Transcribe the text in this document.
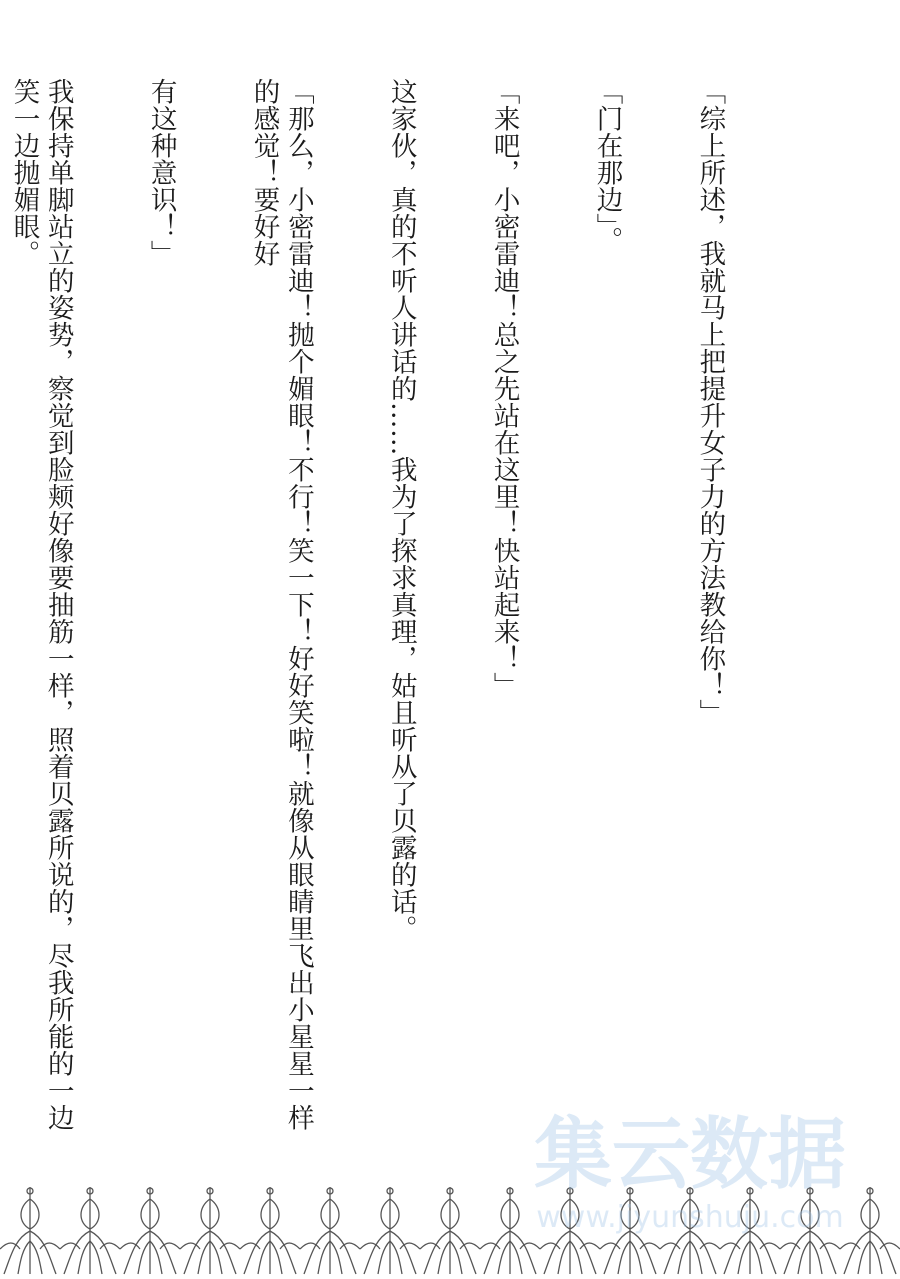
「综上所述，我就马上把提升女子力的方法教给你！」

「门在那边」。

「来吧，小密雷迪！总之先站在这里！快站起来！」

这家伙，真的不听人讲话的……我为了探求真理，姑且听从了贝露的话。

「那么，小密雷迪！抛个媚眼！不行！笑一下！好好笑啦！就像从眼睛里飞出小星星一样的感觉！要好好

有这种意识！」

我保持单脚站立的姿势，察觉到脸颊好像要抽筋一样，照着贝露所说的，尽我所能的一边笑一边抛媚眼。

集云数据
www.jiyunshuju.com
